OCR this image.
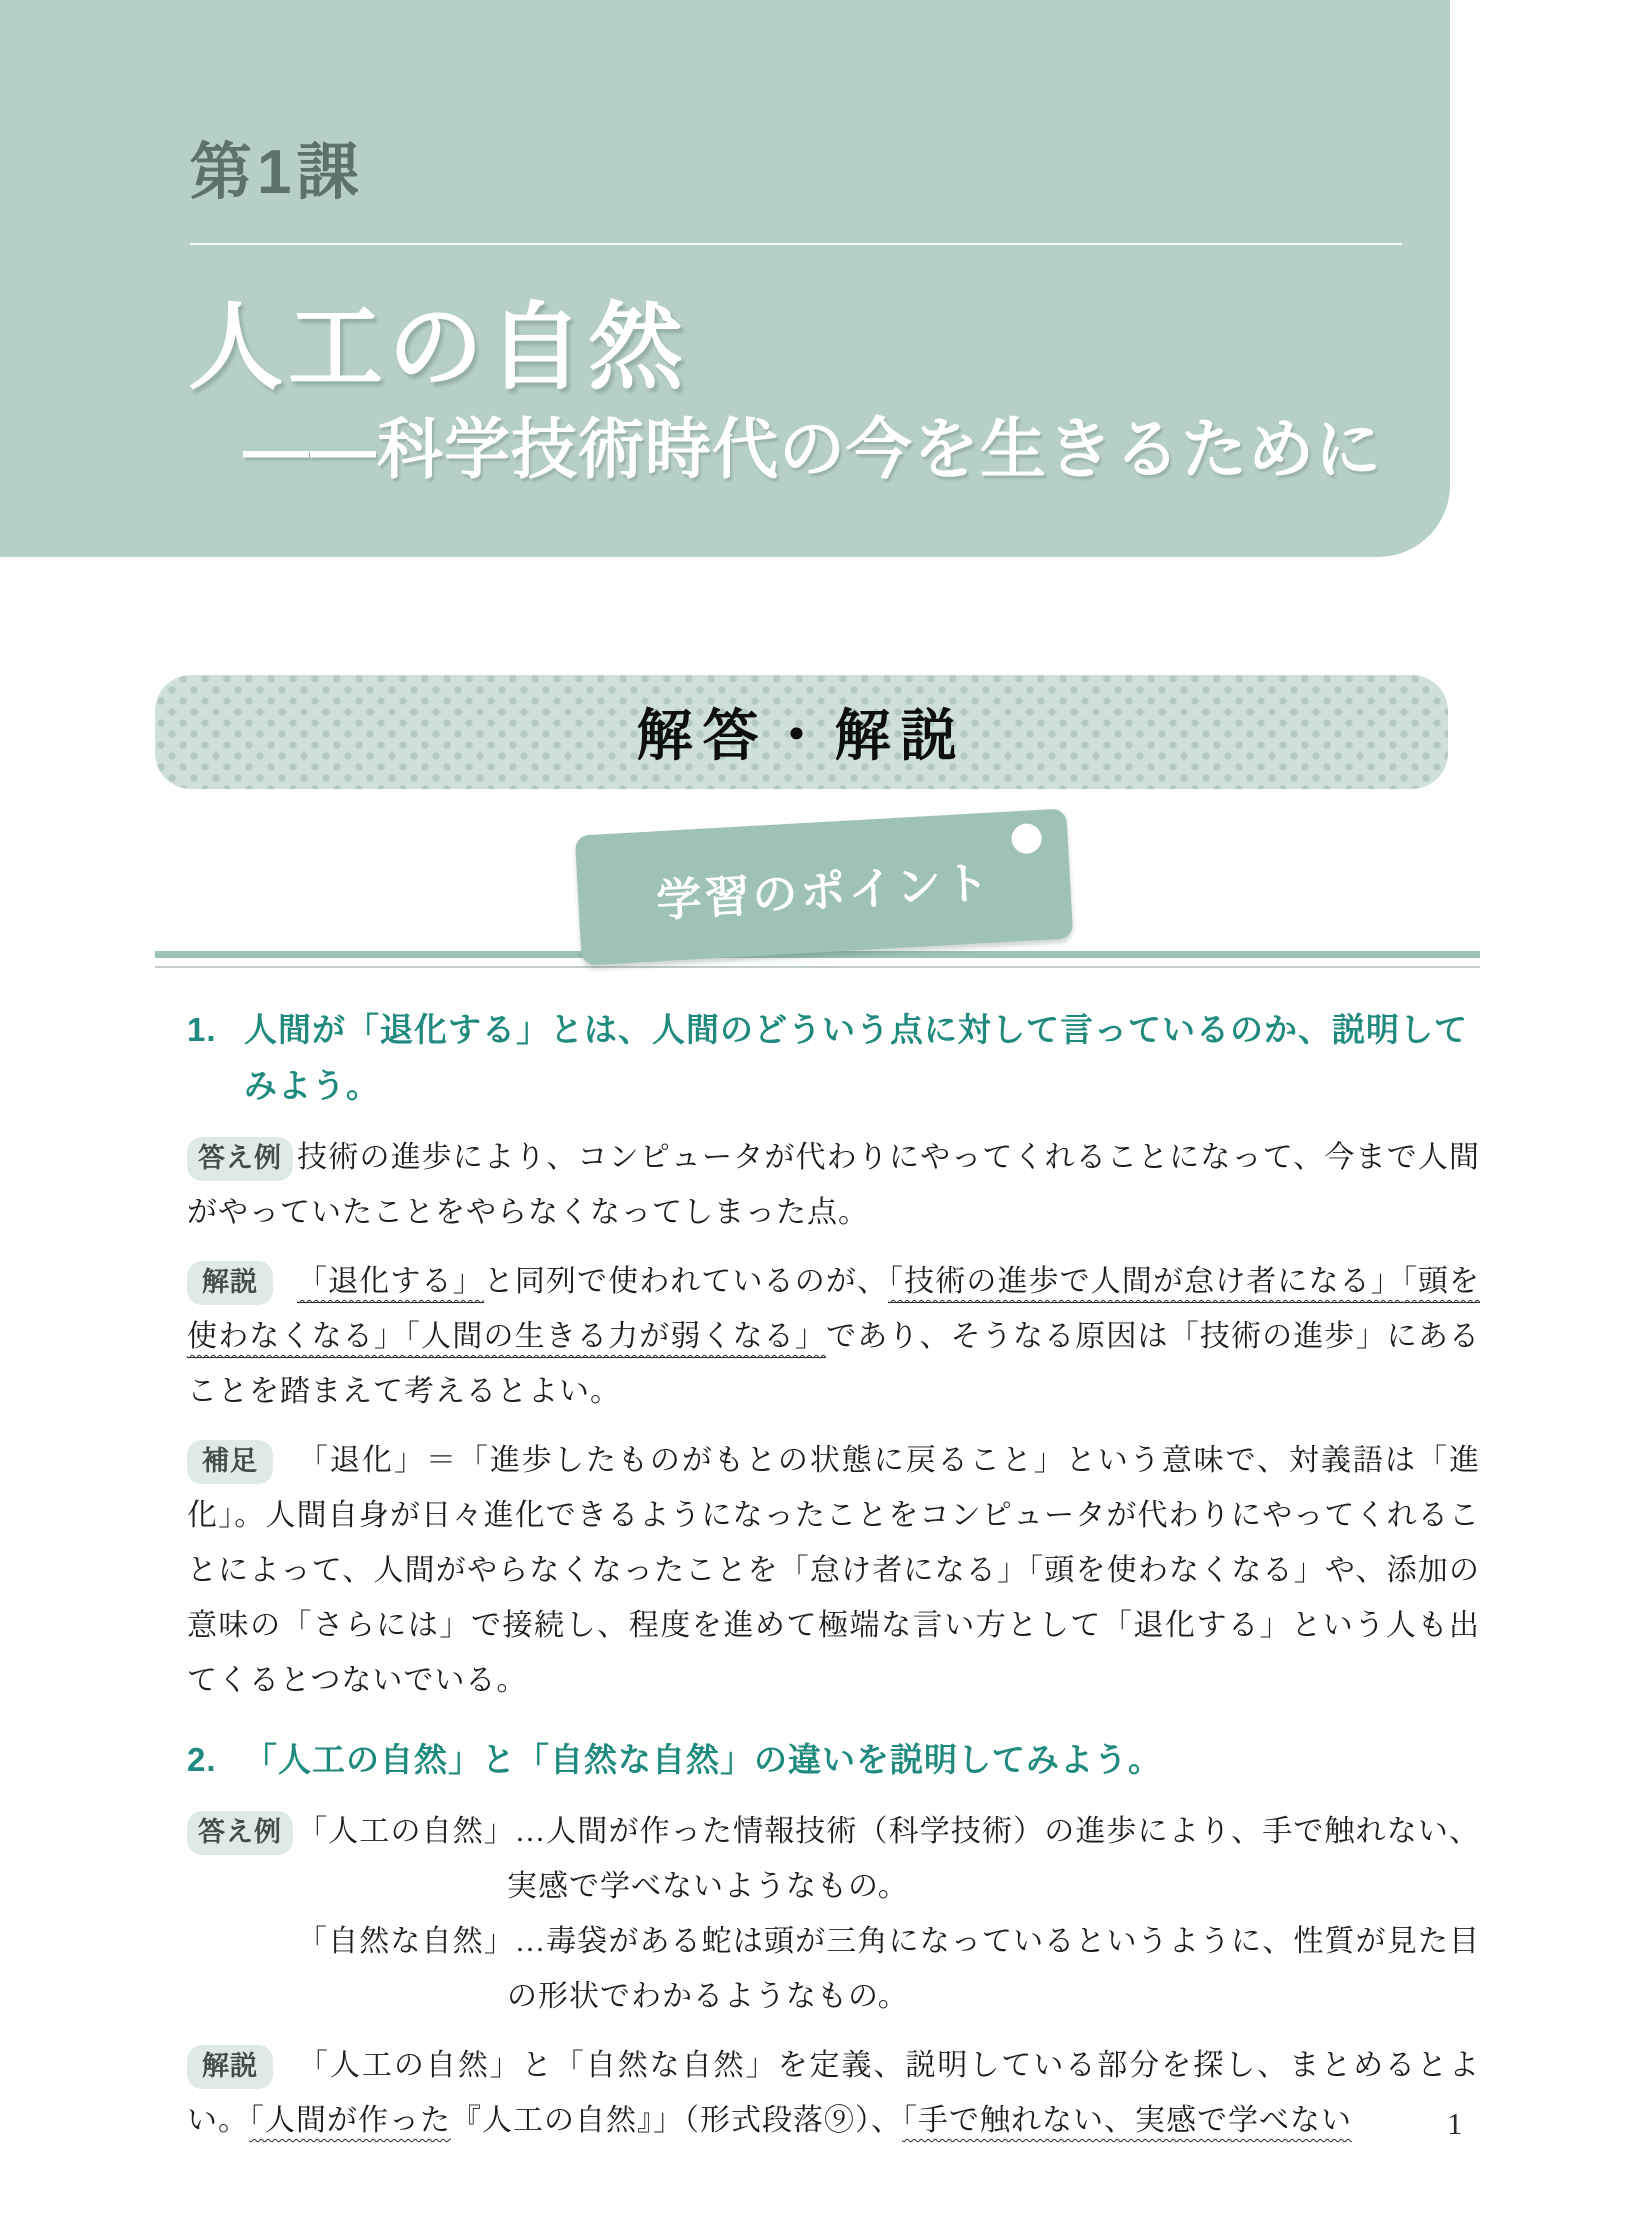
第1課
人工の自然
——科学技術時代の今を生きるために
解答・解説
学習のポイント

1. 人間が「退化する」とは、人間のどういう点に対して言っているのか、説明してみよう。

答え例 技術の進歩により、コンピュータが代わりにやってくれることになって、今まで人間がやっていたことをやらなくなってしまった点。

解説 「退化する」と同列で使われているのが、「技術の進歩で人間が怠け者になる」「頭を使わなくなる」「人間の生きる力が弱くなる」であり、そうなる原因は「技術の進歩」にあることを踏まえて考えるとよい。

補足 「退化」＝「進歩したものがもとの状態に戻ること」という意味で、対義語は「進化」。人間自身が日々進化できるようになったことをコンピュータが代わりにやってくれることによって、人間がやらなくなったことを「怠け者になる」「頭を使わなくなる」や、添加の意味の「さらには」で接続し、程度を進めて極端な言い方として「退化する」という人も出てくるとつないでいる。

2. 「人工の自然」と「自然な自然」の違いを説明してみよう。

答え例 「人工の自然」…人間が作った情報技術（科学技術）の進歩により、手で触れない、実感で学べないようなもの。

「自然な自然」…毒袋がある蛇は頭が三角になっているというように、性質が見た目の形状でわかるようなもの。

解説 「人工の自然」と「自然な自然」を定義、説明している部分を探し、まとめるとよい。「人間が作った『人工の自然』」（形式段落⑨）、「手で触れない、実感で学べない	1
